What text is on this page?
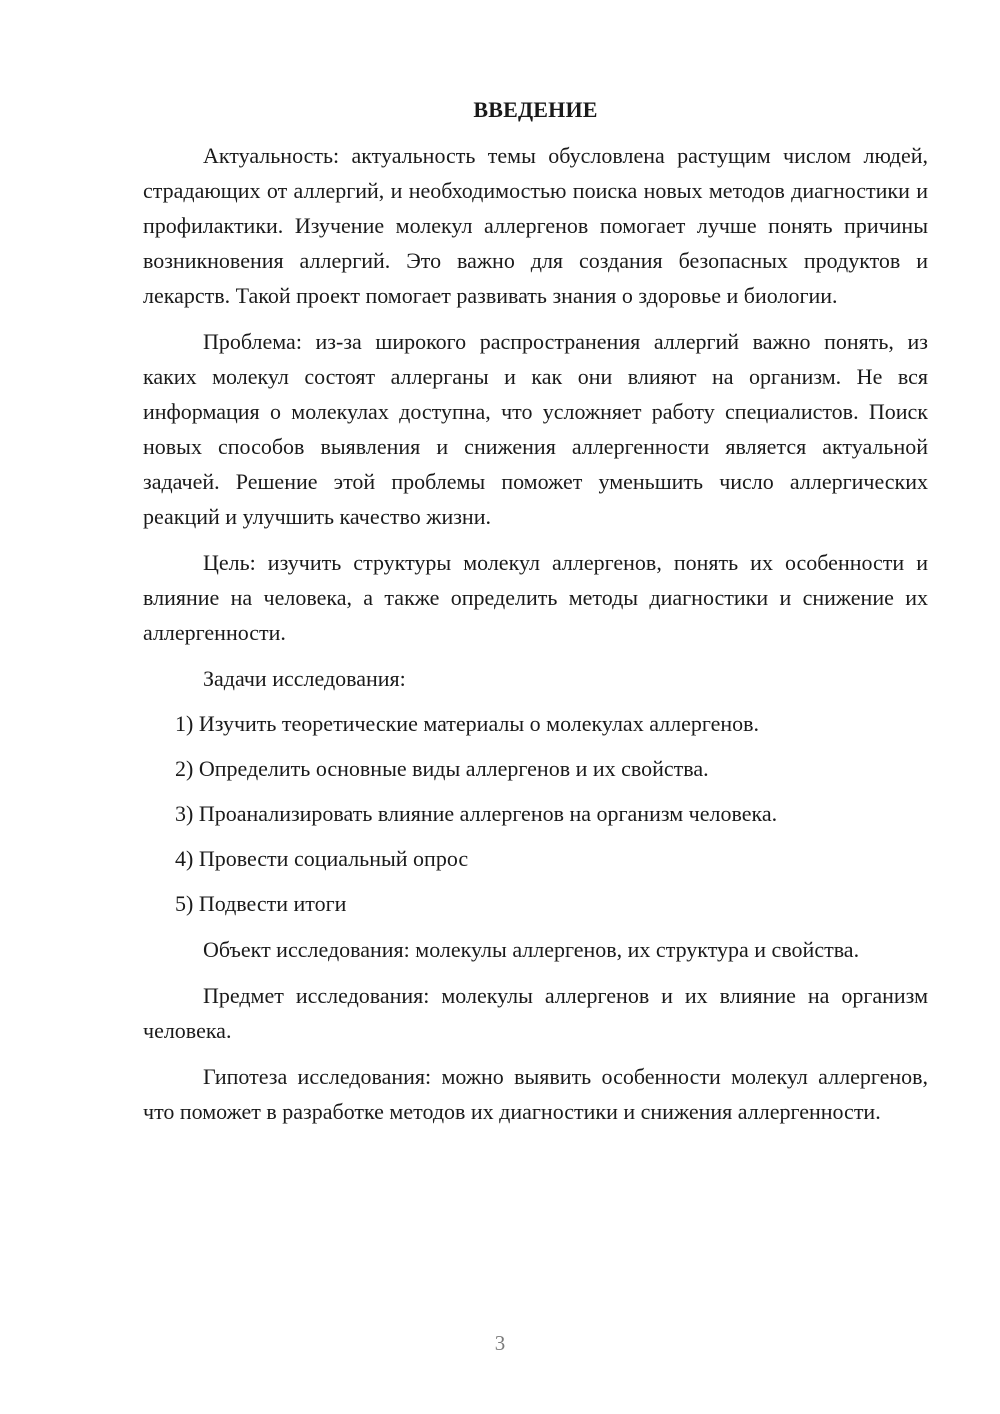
ВВЕДЕНИЕ

Актуальность: актуальность темы обусловлена растущим числом людей, страдающих от аллергий, и необходимостью поиска новых методов диагностики и профилактики. Изучение молекул аллергенов помогает лучше понять причины возникновения аллергий. Это важно для создания безопасных продуктов и лекарств. Такой проект помогает развивать знания о здоровье и биологии.

Проблема: из-за широкого распространения аллергий важно понять, из каких молекул состоят аллерганы и как они влияют на организм. Не вся информация о молекулах доступна, что усложняет работу специалистов. Поиск новых способов выявления и снижения аллергенности является актуальной задачей. Решение этой проблемы поможет уменьшить число аллергических реакций и улучшить качество жизни.

Цель: изучить структуры молекул аллергенов, понять их особенности и влияние на человека, а также определить методы диагностики и снижение их аллергенности.

Задачи исследования:

1) Изучить теоретические материалы о молекулах аллергенов.

2) Определить основные виды аллергенов и их свойства.

3) Проанализировать влияние аллергенов на организм человека.

4) Провести социальный опрос

5) Подвести итоги

Объект исследования: молекулы аллергенов, их структура и свойства.

Предмет исследования: молекулы аллергенов и их влияние на организм человека.

Гипотеза исследования: можно выявить особенности молекул аллергенов, что поможет в разработке методов их диагностики и снижения аллергенности.

3
